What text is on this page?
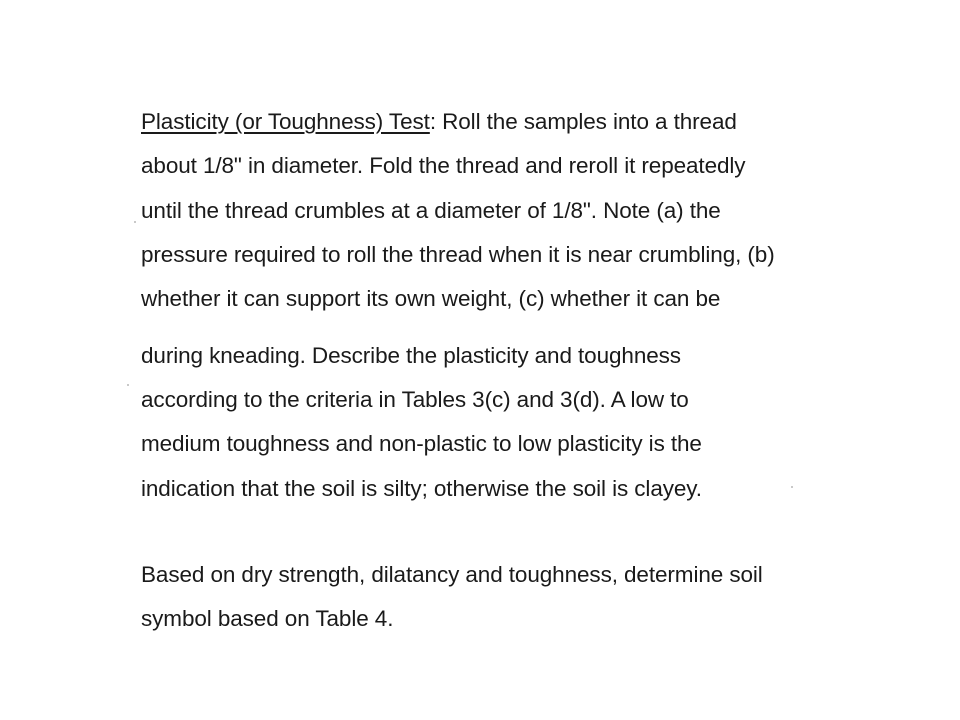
Plasticity (or Toughness) Test: Roll the samples into a thread

about 1/8" in diameter. Fold the thread and reroll it repeatedly

until the thread crumbles at a diameter of 1/8". Note (a) the

pressure required to roll the thread when it is near crumbling, (b)

whether it can support its own weight, (c) whether it can be

during kneading. Describe the plasticity and toughness

according to the criteria in Tables 3(c) and 3(d). A low to

medium toughness and non-plastic to low plasticity is the

indication that the soil is silty; otherwise the soil is clayey.

Based on dry strength, dilatancy and toughness, determine soil

symbol based on Table 4.
